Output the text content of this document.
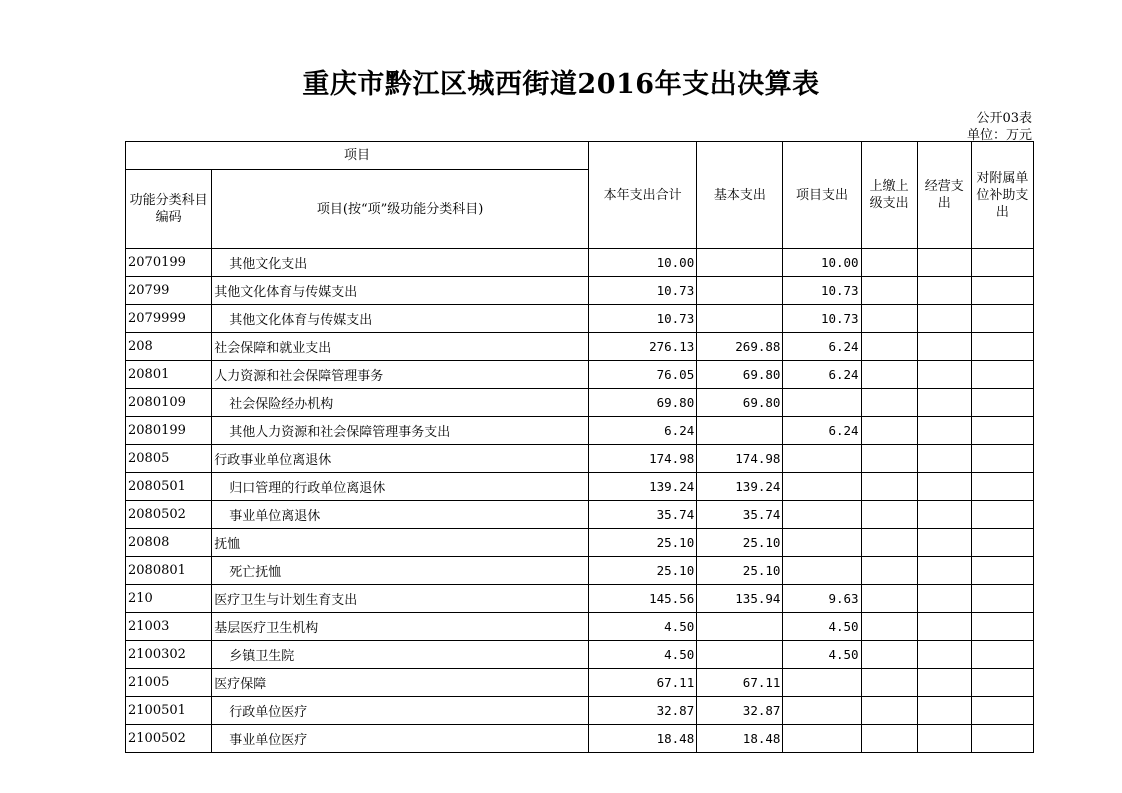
重庆市黔江区城西街道2016年支出决算表
公开03表
单位：万元
项目		本年支出合计	基本支出	项目支出	上缴上级支出	经营支出	对附属单位补助支出
功能分类科目编码	项目(按“项”级功能分类科目)						
2070199	其他文化支出	10.00		10.00			
20799	其他文化体育与传媒支出	10.73		10.73			
2079999	其他文化体育与传媒支出	10.73		10.73			
208	社会保障和就业支出	276.13	269.88	6.24			
20801	人力资源和社会保障管理事务	76.05	69.80	6.24			
2080109	社会保险经办机构	69.80	69.80				
2080199	其他人力资源和社会保障管理事务支出	6.24		6.24			
20805	行政事业单位离退休	174.98	174.98				
2080501	归口管理的行政单位离退休	139.24	139.24				
2080502	事业单位离退休	35.74	35.74				
20808	抚恤	25.10	25.10				
2080801	死亡抚恤	25.10	25.10				
210	医疗卫生与计划生育支出	145.56	135.94	9.63			
21003	基层医疗卫生机构	4.50		4.50			
2100302	乡镇卫生院	4.50		4.50			
21005	医疗保障	67.11	67.11				
2100501	行政单位医疗	32.87	32.87				
2100502	事业单位医疗	18.48	18.48				
